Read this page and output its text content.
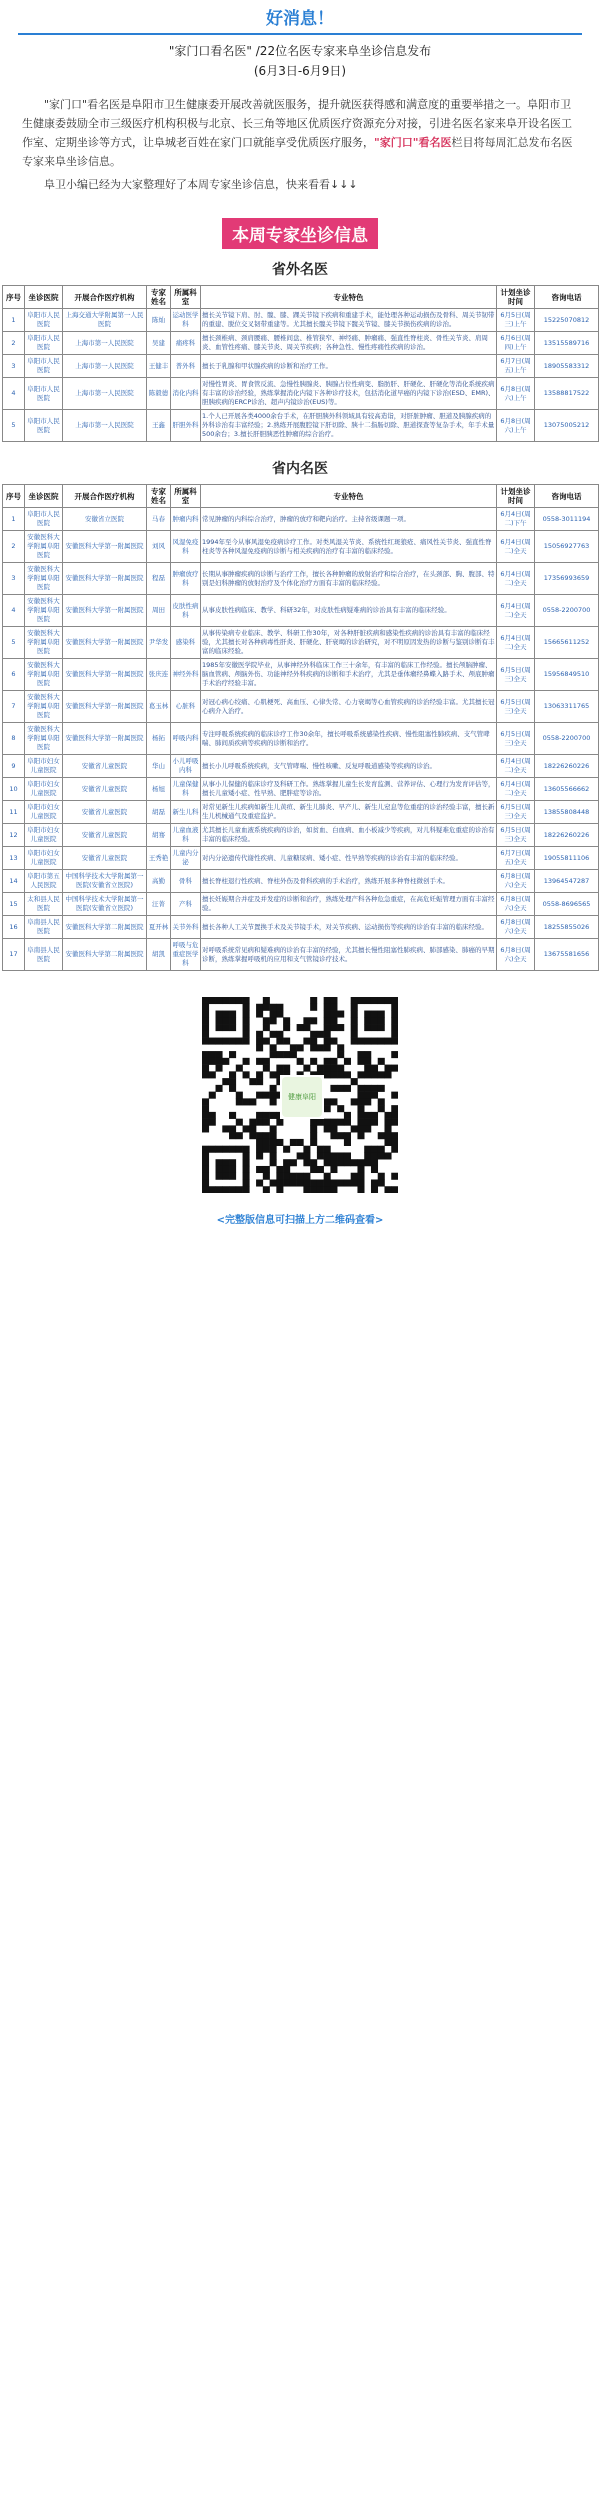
好消息！
"家门口看名医" /22位名医专家来阜坐诊信息发布
(6月3日-6月9日)
"家门口"看名医是阜阳市卫生健康委开展改善就医服务，提升就医获得感和满意度的重要举措之一。阜阳市卫生健康委鼓励全市三级医疗机构积极与北京、长三角等地区优质医疗资源充分对接，引进名医名家来阜开设名医工作室、定期坐诊等方式，让阜城老百姓在家门口就能享受优质医疗服务，"家门口"看名医栏目将每周汇总发布名医专家来阜坐诊信息。
阜卫小编已经为大家整理好了本周专家坐诊信息，快来看看↓↓↓
本周专家坐诊信息
省外名医
序号	坐诊医院	开展合作医疗机构	专家姓名	所属科室	专业特色	计划坐诊时间	咨询电话
1	阜阳市人民医院	上海交通大学附属第一人民医院	陈灿	运动医学科	擅长关节镜下肩、肘、髋、膝、踝关节镜下疾病和重建手术，能处理各种运动损伤及骨科、周关节韧带的重建、脱位交叉韧带重建等。尤其擅长髋关节镜下髋关节镜、膝关节损伤疾病的诊治。	6月5日(周三)上午	15225070812
2	阜阳市人民医院	上海市第一人民医院	吴建	痛疼科	擅长颈椎病、颈肩腰痛、腰椎间盘、椎管狭窄、神经痛、肿瘤痛、强直性脊柱炎、骨性关节炎、肩周炎、血管性疼痛、膝关节炎、周关节疾病；各种急性、慢性疼痛性疾病的诊治。	6月6日(周四)上午	13515589716
3	阜阳市人民医院	上海市第一人民医院	王健丰	普外科	擅长于乳腺和甲状腺疾病的诊断和治疗工作。	6月7日(周五)上午	18905583312
4	阜阳市人民医院	上海市第一人民医院	陈毅德	消化内科	对慢性胃炎、胃食管反流、急慢性胰腺炎、胰腺占位性病变、脂肪肝、肝硬化、肝硬化等消化系统疾病有丰富的诊治经验，熟练掌握消化内镜下各种诊疗技术，包括消化道早癌的内镜下诊治(ESD、EMR)、胆胰疾病的ERCP诊治、超声内镜诊治(EUS)等。	6月8日(周六)上午	13588817522
5	阜阳市人民医院	上海市第一人民医院	王鑫	肝胆外科	1.个人已开展各类4000余台手术，在肝胆胰外科领域具有较高造诣，对肝脏肿瘤、胆道及胰腺疾病的外科诊治有丰富经验；2.熟练开展腹腔镜下肝切除、胰十二指肠切除、胆道探查等复杂手术，年手术量500余台；3.擅长肝胆胰恶性肿瘤的综合治疗。	6月8日(周六)上午	13075005212
省内名医
序号	坐诊医院	开展合作医疗机构	专家姓名	所属科室	专业特色	计划坐诊时间	咨询电话
1	阜阳市人民医院	安徽省立医院	马春	肿瘤内科	常见肿瘤的内科综合治疗，肿瘤的放疗和靶向治疗。主持省级课题一项。	6月4日(周二)下午	0558-3011194
2	安徽医科大学附属阜阳医院	安徽医科大学第一附属医院	刘风	风湿免疫科	1994年至今从事风湿免疫病诊疗工作。对类风湿关节炎、系统性红斑狼疮、痛风性关节炎、强直性脊柱炎等各种风湿免疫病的诊断与相关疾病的治疗有丰富的临床经验。	6月4日(周二)全天	15056927763
3	安徽医科大学附属阜阳医院	安徽医科大学第一附属医院	程磊	肿瘤放疗科	长期从事肿瘤疾病的诊断与治疗工作，擅长各种肿瘤的放射治疗和综合治疗，在头颈部、胸、腹部、特别是妇科肿瘤的放射治疗及个体化治疗方面有丰富的临床经验。	6月4日(周二)全天	17356993659
4	安徽医科大学附属阜阳医院	安徽医科大学第一附属医院	周田	皮肤性病科	从事皮肤性病临床、教学、科研32年，对皮肤性病疑难病的诊治具有丰富的临床经验。	6月4日(周二)全天	0558-2200700
5	安徽医科大学附属阜阳医院	安徽医科大学第一附属医院	尹华发	感染科	从事传染病专业临床、教学、科研工作30年，对各种肝脏疾病和感染性疾病的诊治具有丰富的临床经验，尤其擅长对各种病毒性肝炎、肝硬化、肝衰竭的诊治研究，对不明原因发热的诊断与鉴别诊断有丰富的临床经验。	6月4日(周二)全天	15665611252
6	安徽医科大学附属阜阳医院	安徽医科大学第一附属医院	张庆连	神经外科	1985年安徽医学院毕业，从事神经外科临床工作三十余年，有丰富的临床工作经验。擅长颅脑肿瘤、脑血管病、颅脑外伤、功能神经外科疾病的诊断和手术治疗，尤其是垂体瘤经鼻蝶入路手术、颅底肿瘤手术治疗经验丰富。	6月5日(周三)全天	15956849510
7	安徽医科大学附属阜阳医院	安徽医科大学第一附属医院	葛玉林	心脏科	对冠心病心绞痛、心肌梗死、高血压、心律失常、心力衰竭等心血管疾病的诊治经验丰富。尤其擅长冠心病介入治疗。	6月5日(周三)全天	13063311765
8	安徽医科大学附属阜阳医院	安徽医科大学第一附属医院	杨拓	呼吸内科	专注呼吸系统疾病的临床诊疗工作30余年，擅长呼吸系统感染性疾病、慢性阻塞性肺疾病、支气管哮喘、肺间质疾病等疾病的诊断和治疗。	6月5日(周三)全天	0558-2200700
9	阜阳市妇女儿童医院	安徽省儿童医院	华山	小儿呼吸内科	擅长小儿呼吸系统疾病，支气管哮喘、慢性咳嗽、反复呼吸道感染等疾病的诊治。	6月4日(周二)全天	18226260226
10	阜阳市妇女儿童医院	安徽省儿童医院	杨旭	儿童保健科	从事小儿保健的临床诊疗及科研工作。熟练掌握儿童生长发育监测、营养评估、心理行为发育评估等，擅长儿童矮小症、性早熟、肥胖症等诊治。	6月4日(周二)全天	13605566662
11	阜阳市妇女儿童医院	安徽省儿童医院	胡磊	新生儿科	对常见新生儿疾病如新生儿黄疸、新生儿肺炎、早产儿、新生儿窒息等危重症的诊治经验丰富，擅长新生儿机械通气及重症监护。	6月5日(周三)全天	13855808448
12	阜阳市妇女儿童医院	安徽省儿童医院	胡骞	儿童血液科	尤其擅长儿童血液系统疾病的诊治，如贫血、白血病、血小板减少等疾病，对儿科疑难危重症的诊治有丰富的临床经验。	6月5日(周三)全天	18226260226
13	阜阳市妇女儿童医院	安徽省儿童医院	王秀艳	儿童内分泌	对内分泌遗传代谢性疾病、儿童糖尿病、矮小症、性早熟等疾病的诊治有丰富的临床经验。	6月7日(周五)全天	19055811106
14	阜阳市第五人民医院	中国科学技术大学附属第一医院(安徽省立医院)	高勤	骨科	擅长脊柱退行性疾病、脊柱外伤及骨科疾病的手术治疗，熟练开展多种脊柱微创手术。	6月8日(周六)全天	13964547287
15	太和县人民医院	中国科学技术大学附属第一医院(安徽省立医院)	汪菁	产科	擅长妊娠期合并症及并发症的诊断和治疗，熟练处理产科各种危急重症，在高危妊娠管理方面有丰富经验。	6月8日(周六)全天	0558-8696565
16	阜南县人民医院	安徽医科大学第二附属医院	夏开林	关节外科	擅长各种人工关节置换手术及关节镜手术，对关节疾病、运动损伤等疾病的诊治有丰富的临床经验。	6月8日(周六)全天	18255855026
17	阜南县人民医院	安徽医科大学第二附属医院	胡凯	呼吸与危重症医学科	对呼吸系统常见病和疑难病的诊治有丰富的经验，尤其擅长慢性阻塞性肺疾病、肺部感染、肺癌的早期诊断，熟练掌握呼吸机的应用和支气管镜诊疗技术。	6月8日(周六)全天	13675581656
健康阜阳
<完整版信息可扫描上方二维码查看>
